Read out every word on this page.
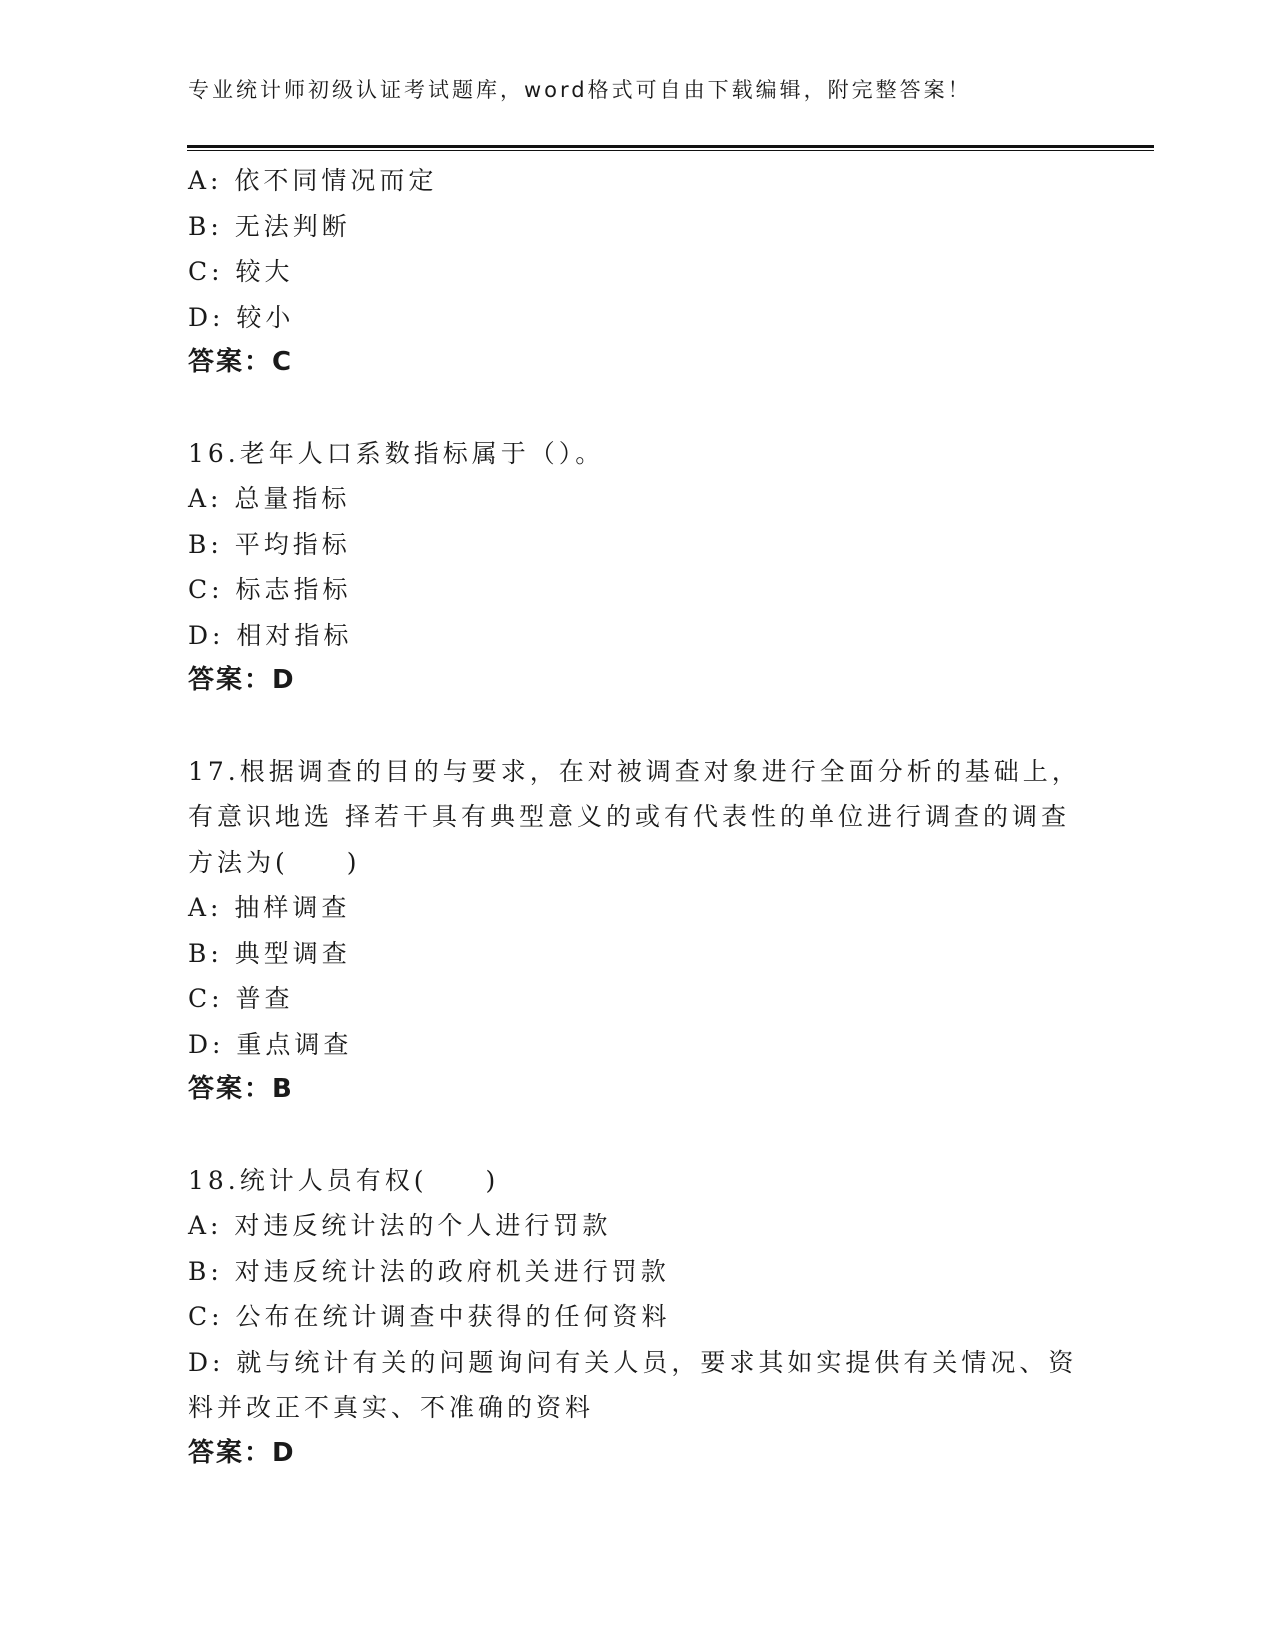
专业统计师初级认证考试题库，word格式可自由下载编辑，附完整答案！

A: 依不同情况而定

B: 无法判断

C: 较大

D: 较小

答案：C

16.老年人口系数指标属于（）。

A: 总量指标

B: 平均指标

C: 标志指标

D: 相对指标

答案：D

17.根据调查的目的与要求，在对被调查对象进行全面分析的基础上，

有意识地选 择若干具有典型意义的或有代表性的单位进行调查的调查

方法为(　　)

A: 抽样调查

B: 典型调查

C: 普查

D: 重点调查

答案：B

18.统计人员有权(　　)

A: 对违反统计法的个人进行罚款

B: 对违反统计法的政府机关进行罚款

C: 公布在统计调查中获得的任何资料

D: 就与统计有关的问题询问有关人员，要求其如实提供有关情况、资

料并改正不真实、不准确的资料

答案：D
